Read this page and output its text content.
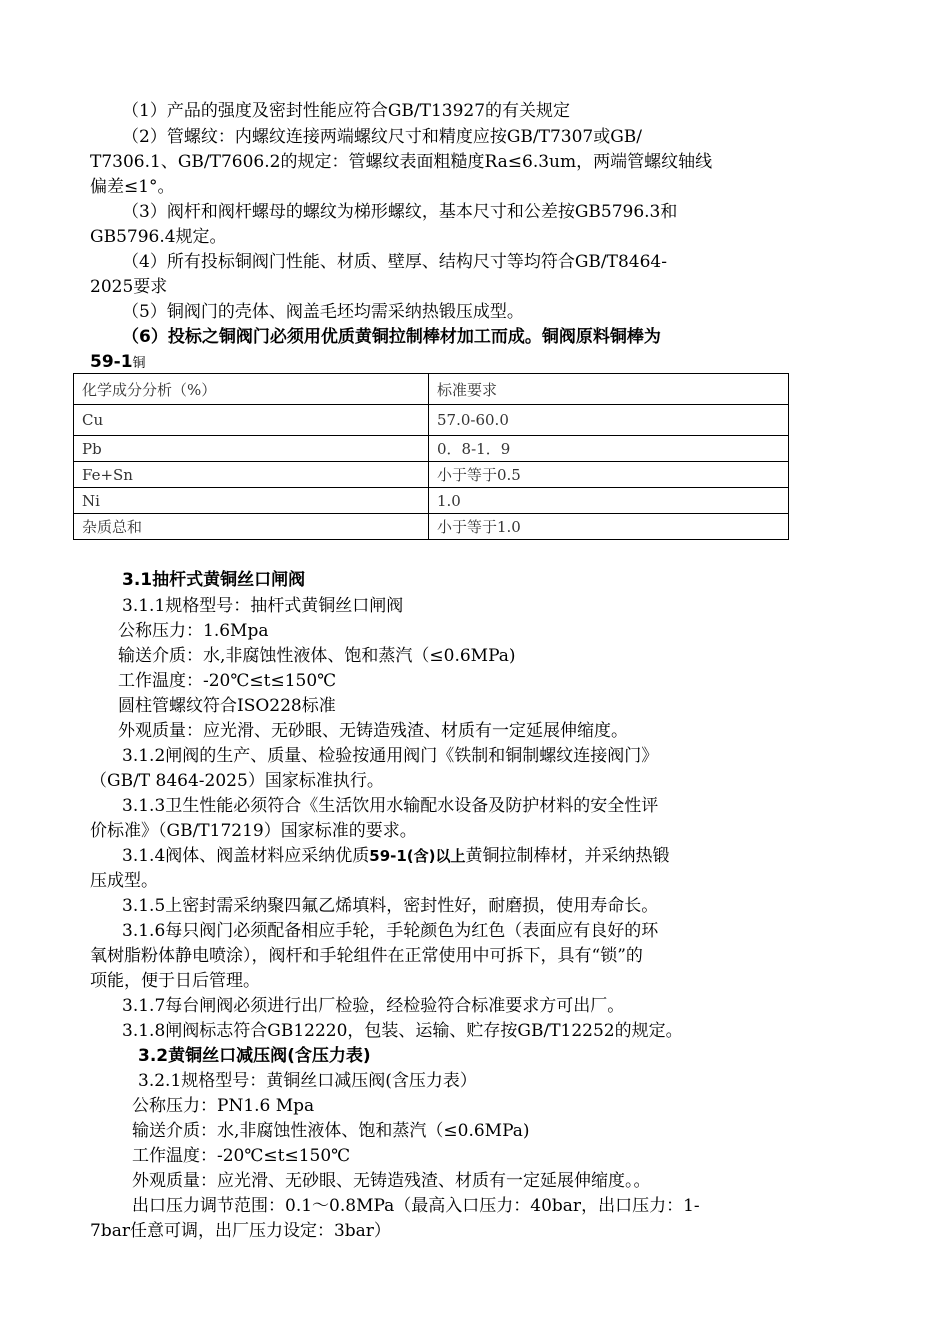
（1）产品的强度及密封性能应符合GB/T13927的有关规定
（2）管螺纹：内螺纹连接两端螺纹尺寸和精度应按GB/T7307或GB/
T7306.1、GB/T7606.2的规定：管螺纹表面粗糙度Ra≤6.3um，两端管螺纹轴线
偏差≤1°。
（3）阀杆和阀杆螺母的螺纹为梯形螺纹，基本尺寸和公差按GB5796.3和
GB5796.4规定。
（4）所有投标铜阀门性能、材质、壁厚、结构尺寸等均符合GB/T8464-
2025要求
（5）铜阀门的壳体、阀盖毛坯均需采纳热锻压成型。
（6）投标之铜阀门必须用优质黄铜拉制棒材加工而成。铜阀原料铜棒为
59-1铜
化学成分分析（%）	标准要求
Cu	57.0-60.0
Pb	0．8-1．9
Fe+Sn	小于等于0.5
Ni	1.0
杂质总和	小于等于1.0
3.1抽杆式黄铜丝口闸阀
3.1.1规格型号：抽杆式黄铜丝口闸阀
公称压力：1.6Mpa
输送介质：水,非腐蚀性液体、饱和蒸汽（≤0.6MPa)
工作温度：-20℃≤t≤150℃
圆柱管螺纹符合ISO228标准
外观质量：应光滑、无砂眼、无铸造残渣、材质有一定延展伸缩度。
3.1.2闸阀的生产、质量、检验按通用阀门《铁制和铜制螺纹连接阀门》
（GB/T 8464-2025）国家标准执行。
3.1.3卫生性能必须符合《生活饮用水输配水设备及防护材料的安全性评
价标准》（GB/T17219）国家标准的要求。
3.1.4阀体、阀盖材料应采纳优质59-1(含)以上黄铜拉制棒材，并采纳热锻
压成型。
3.1.5上密封需采纳聚四氟乙烯填料，密封性好，耐磨损，使用寿命长。
3.1.6每只阀门必须配备相应手轮，手轮颜色为红色（表面应有良好的环
氧树脂粉体静电喷涂），阀杆和手轮组件在正常使用中可拆下，具有“锁”的
项能，便于日后管理。
3.1.7每台闸阀必须进行出厂检验，经检验符合标准要求方可出厂。
3.1.8闸阀标志符合GB12220，包装、运输、贮存按GB/T12252的规定。
3.2黄铜丝口减压阀(含压力表)
3.2.1规格型号：黄铜丝口减压阀(含压力表）
公称压力：PN1.6 Mpa
输送介质：水,非腐蚀性液体、饱和蒸汽（≤0.6MPa)
工作温度：-20℃≤t≤150℃
外观质量：应光滑、无砂眼、无铸造残渣、材质有一定延展伸缩度。。
出口压力调节范围：0.1～0.8MPa（最高入口压力：40bar，出口压力：1-
7bar任意可调，出厂压力设定：3bar）
